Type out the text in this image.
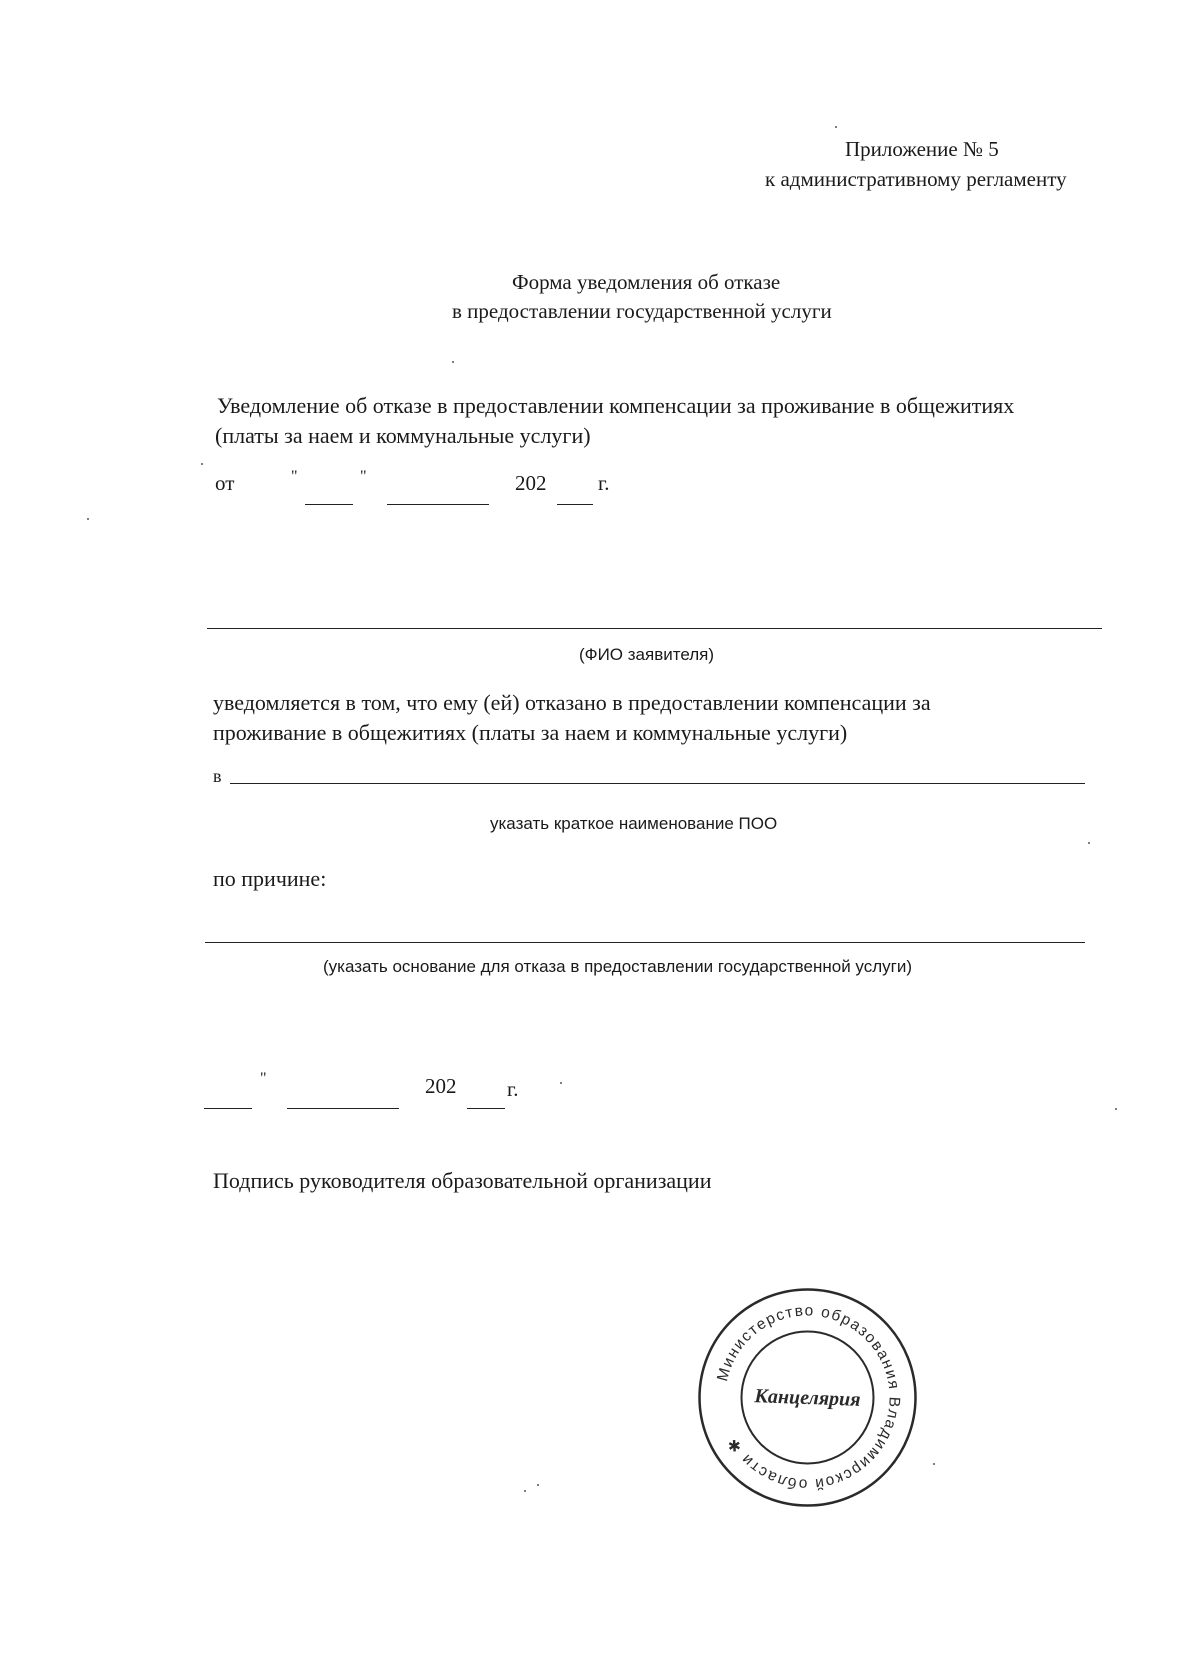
Приложение № 5
к административному регламенту
Форма уведомления об отказе
в предоставлении государственной услуги
Уведомление об отказе в предоставлении компенсации за проживание в общежитиях
(платы за наем и коммунальные услуги)
от	"	"	202 г.
(ФИО заявителя)
уведомляется в том, что ему (ей) отказано в предоставлении компенсации за
проживание в общежитиях (платы за наем и коммунальные услуги)
в
указать краткое наименование ПОО
по причине:
(указать основание для отказа в предоставлении государственной услуги)
"	202 г.
Подпись руководителя образовательной организации
Министерство образования Владимирской области ✱
Канцелярия
